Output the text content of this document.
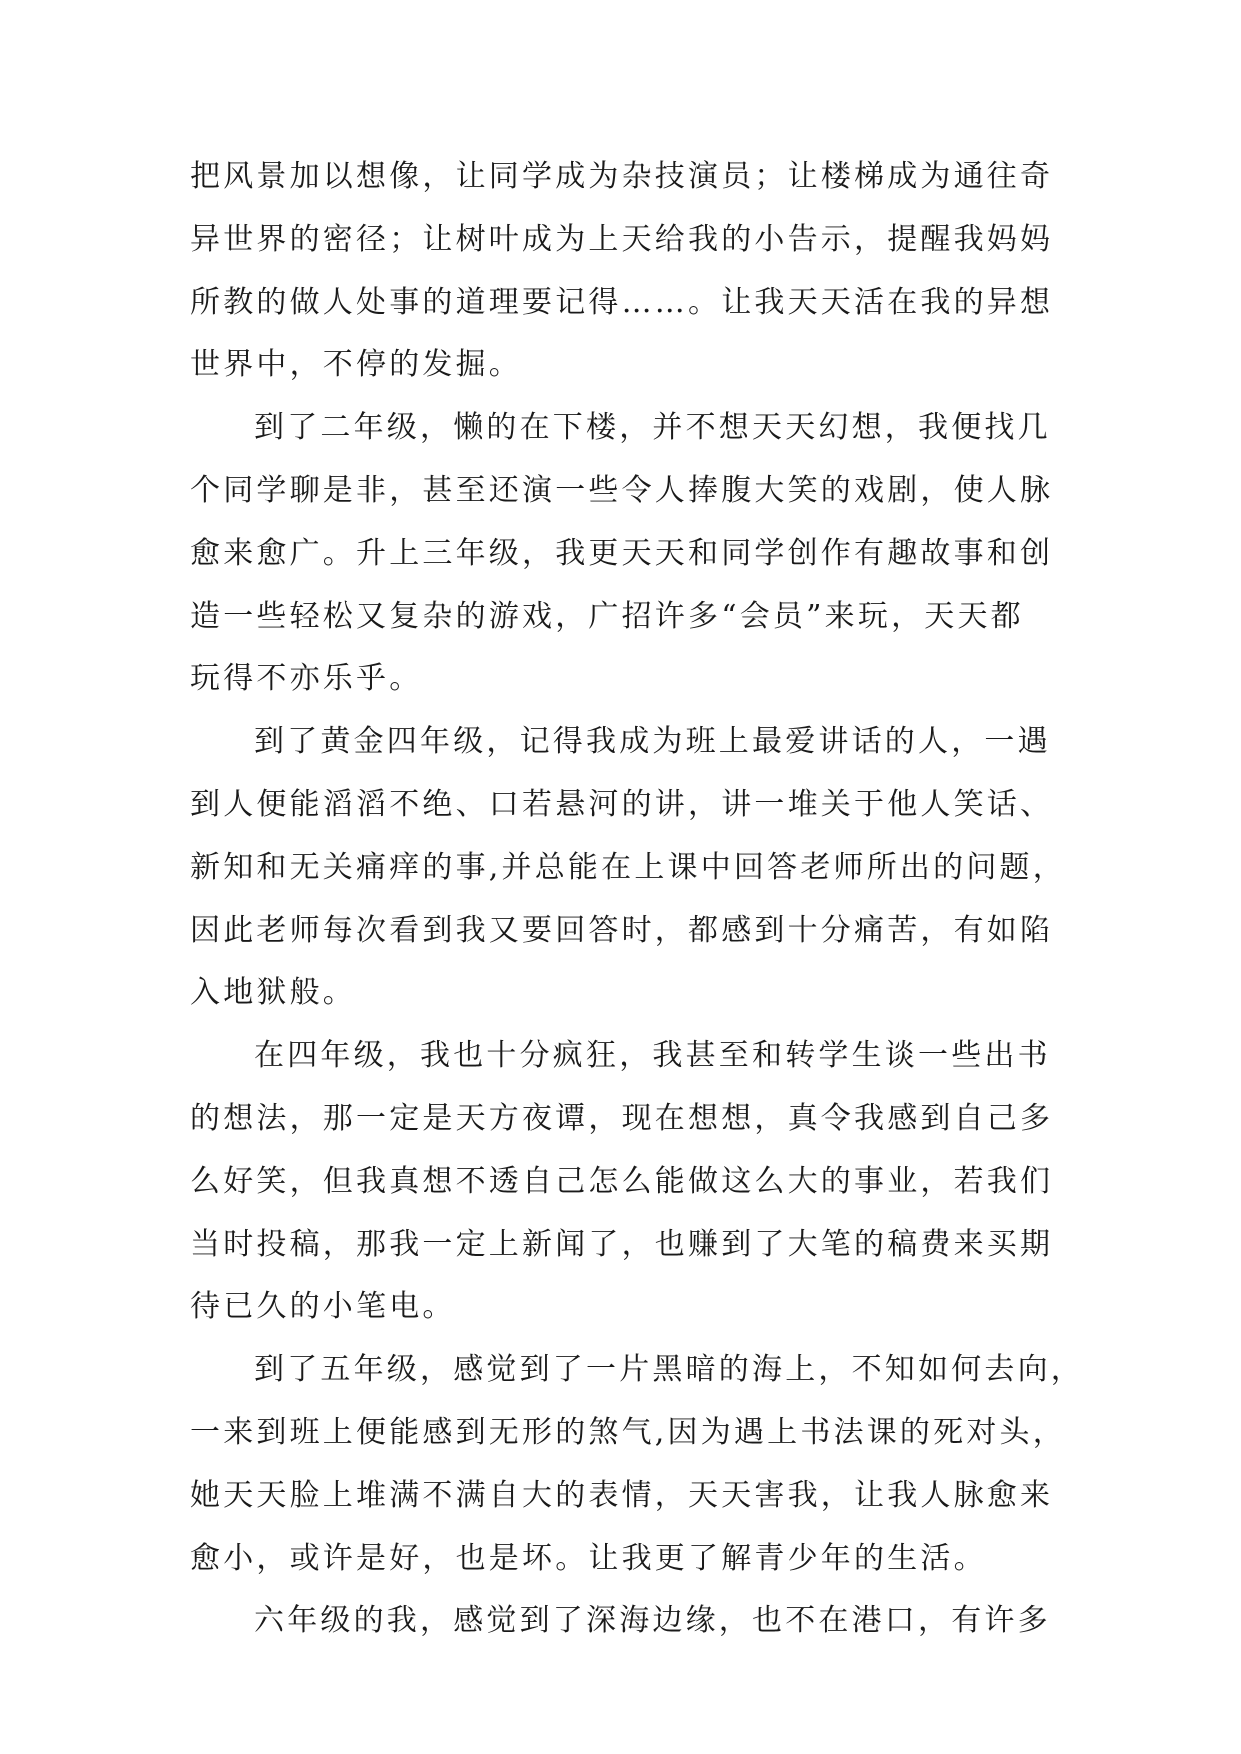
把风景加以想像，让同学成为杂技演员；让楼梯成为通往奇
异世界的密径；让树叶成为上天给我的小告示，提醒我妈妈
所教的做人处事的道理要记得……。让我天天活在我的异想
世界中，不停的发掘。
到了二年级，懒的在下楼，并不想天天幻想，我便找几
个同学聊是非，甚至还演一些令人捧腹大笑的戏剧，使人脉
愈来愈广。升上三年级，我更天天和同学创作有趣故事和创
造一些轻松又复杂的游戏，广招许多“会员”来玩，天天都
玩得不亦乐乎。
到了黄金四年级，记得我成为班上最爱讲话的人，一遇
到人便能滔滔不绝、口若悬河的讲，讲一堆关于他人笑话、
新知和无关痛痒的事,并总能在上课中回答老师所出的问题，
因此老师每次看到我又要回答时，都感到十分痛苦，有如陷
入地狱般。
在四年级，我也十分疯狂，我甚至和转学生谈一些出书
的想法，那一定是天方夜谭，现在想想，真令我感到自己多
么好笑，但我真想不透自己怎么能做这么大的事业，若我们
当时投稿，那我一定上新闻了，也赚到了大笔的稿费来买期
待已久的小笔电。
到了五年级，感觉到了一片黑暗的海上，不知如何去向，
一来到班上便能感到无形的煞气,因为遇上书法课的死对头，
她天天脸上堆满不满自大的表情，天天害我，让我人脉愈来
愈小，或许是好，也是坏。让我更了解青少年的生活。
六年级的我，感觉到了深海边缘，也不在港口，有许多
